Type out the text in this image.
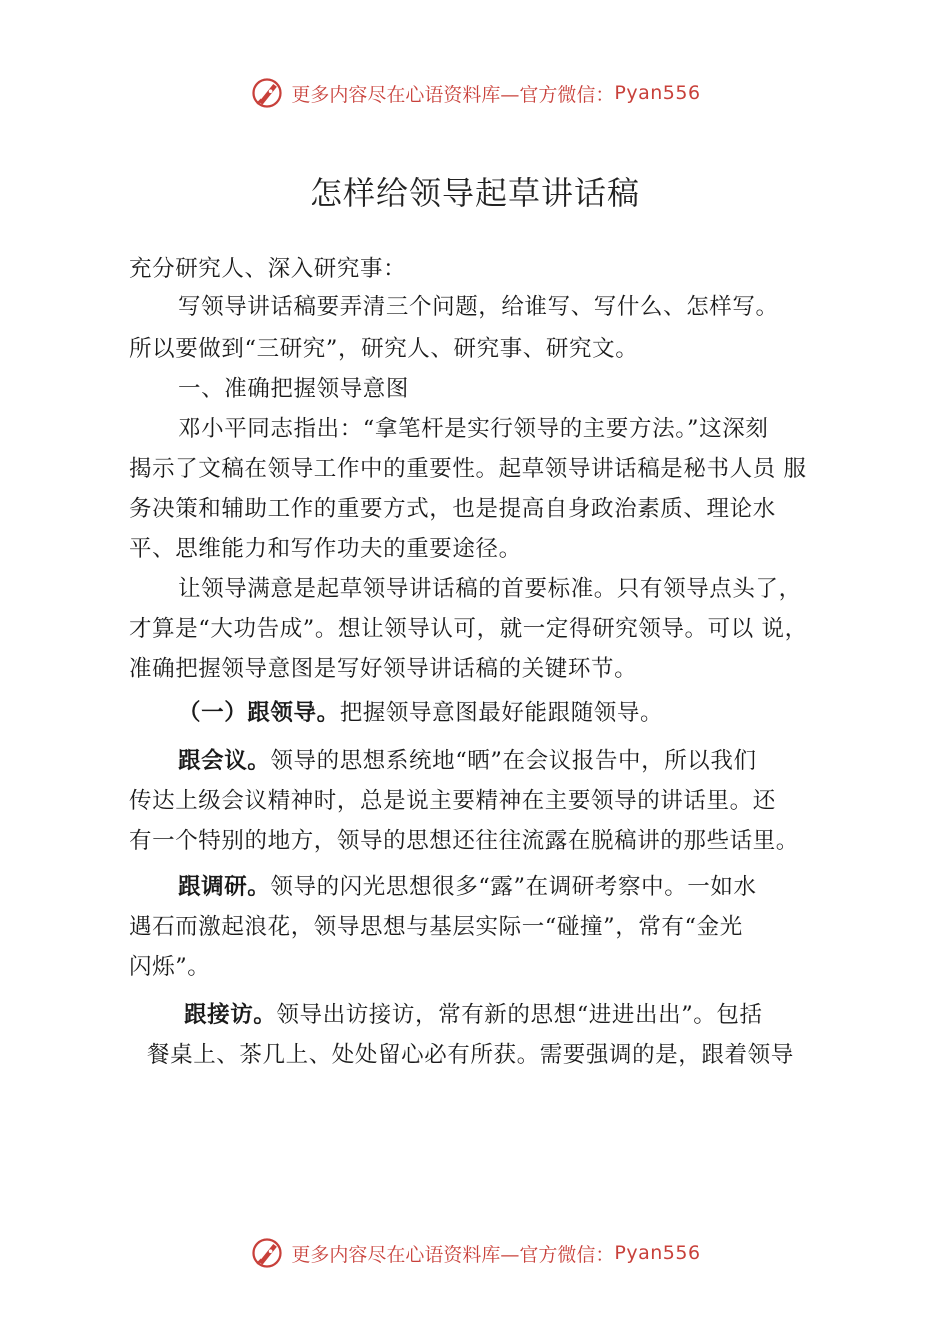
更多内容尽在心语资料库—官方微信： Pyan556
怎样给领导起草讲话稿
充分研究人、深入研究事：
写领导讲话稿要弄清三个问题，给谁写、写什么、怎样写。
所以要做到“三研究”，研究人、研究事、研究文。
一、准确把握领导意图
邓小平同志指出：“拿笔杆是实行领导的主要方法。”这深刻
揭示了文稿在领导工作中的重要性。起草领导讲话稿是秘书人员 服
务决策和辅助工作的重要方式，也是提高自身政治素质、理论水
平、思维能力和写作功夫的重要途径。
让领导满意是起草领导讲话稿的首要标准。只有领导点头了，
才算是“大功告成”。想让领导认可，就一定得研究领导。可以 说，
准确把握领导意图是写好领导讲话稿的关键环节。
（一）跟领导。把握领导意图最好能跟随领导。
跟会议。领导的思想系统地“晒”在会议报告中，所以我们
传达上级会议精神时，总是说主要精神在主要领导的讲话里。还
有一个特别的地方，领导的思想还往往流露在脱稿讲的那些话里。
跟调研。领导的闪光思想很多“露”在调研考察中。一如水
遇石而激起浪花，领导思想与基层实际一“碰撞”，常有“金光
闪烁”。
跟接访。领导出访接访，常有新的思想“进进出出”。包括
餐桌上、茶几上、处处留心必有所获。需要强调的是，跟着领导
更多内容尽在心语资料库—官方微信： Pyan556
